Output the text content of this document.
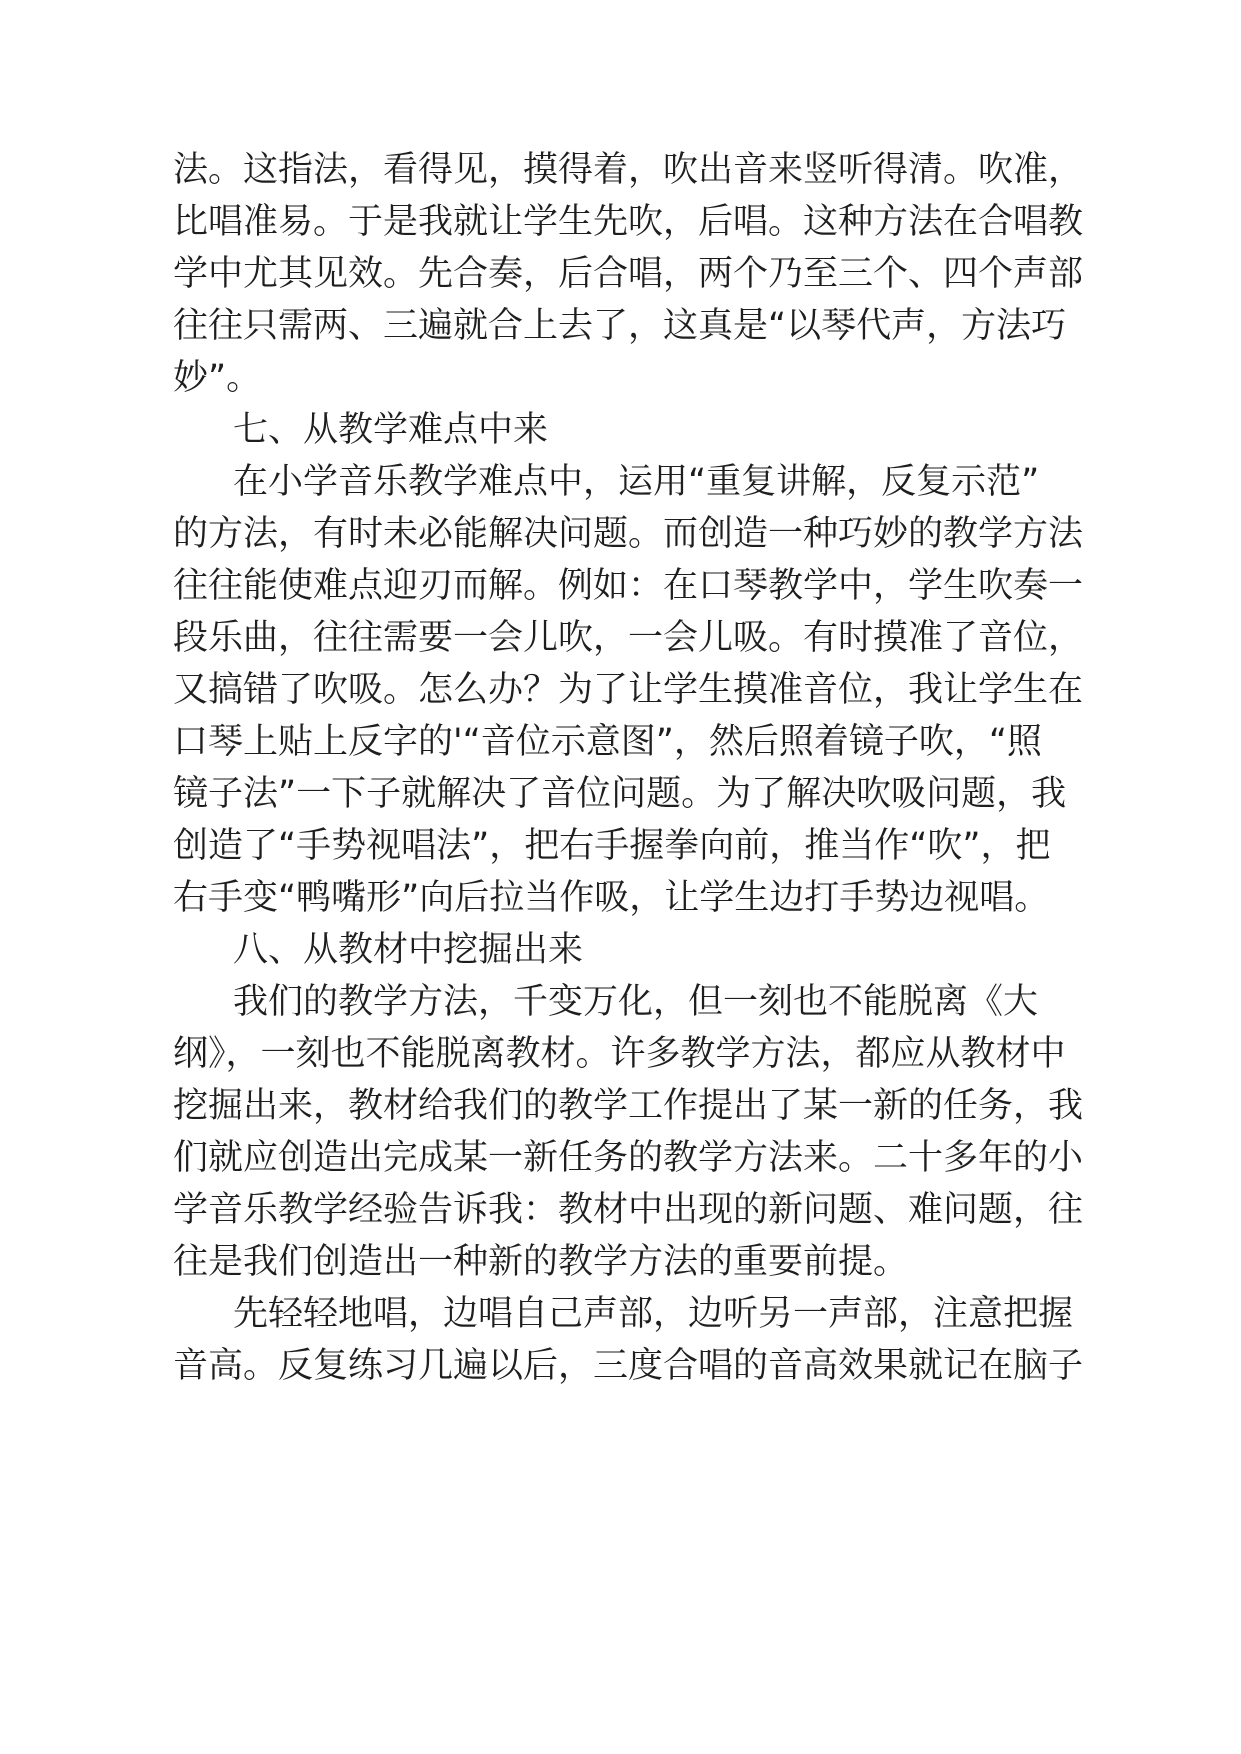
法。这指法，看得见，摸得着，吹出音来竖听得清。吹准，

比唱准易。于是我就让学生先吹，后唱。这种方法在合唱教

学中尤其见效。先合奏，后合唱，两个乃至三个、四个声部

往往只需两、三遍就合上去了，这真是“以琴代声，方法巧

妙”。

七、从教学难点中来

在小学音乐教学难点中，运用“重复讲解，反复示范”

的方法，有时未必能解决问题。而创造一种巧妙的教学方法

往往能使难点迎刃而解。例如：在口琴教学中，学生吹奏一

段乐曲，往往需要一会儿吹，一会儿吸。有时摸准了音位，

又搞错了吹吸。怎么办？为了让学生摸准音位，我让学生在

口琴上贴上反字的'“音位示意图”，然后照着镜子吹，“照

镜子法”一下子就解决了音位问题。为了解决吹吸问题，我

创造了“手势视唱法”，把右手握拳向前，推当作“吹”，把

右手变“鸭嘴形”向后拉当作吸，让学生边打手势边视唱。

八、从教材中挖掘出来

我们的教学方法，千变万化，但一刻也不能脱离《大

纲》，一刻也不能脱离教材。许多教学方法，都应从教材中

挖掘出来，教材给我们的教学工作提出了某一新的任务，我

们就应创造出完成某一新任务的教学方法来。二十多年的小

学音乐教学经验告诉我：教材中出现的新问题、难问题，往

往是我们创造出一种新的教学方法的重要前提。

先轻轻地唱，边唱自己声部，边听另一声部，注意把握

音高。反复练习几遍以后，三度合唱的音高效果就记在脑子
